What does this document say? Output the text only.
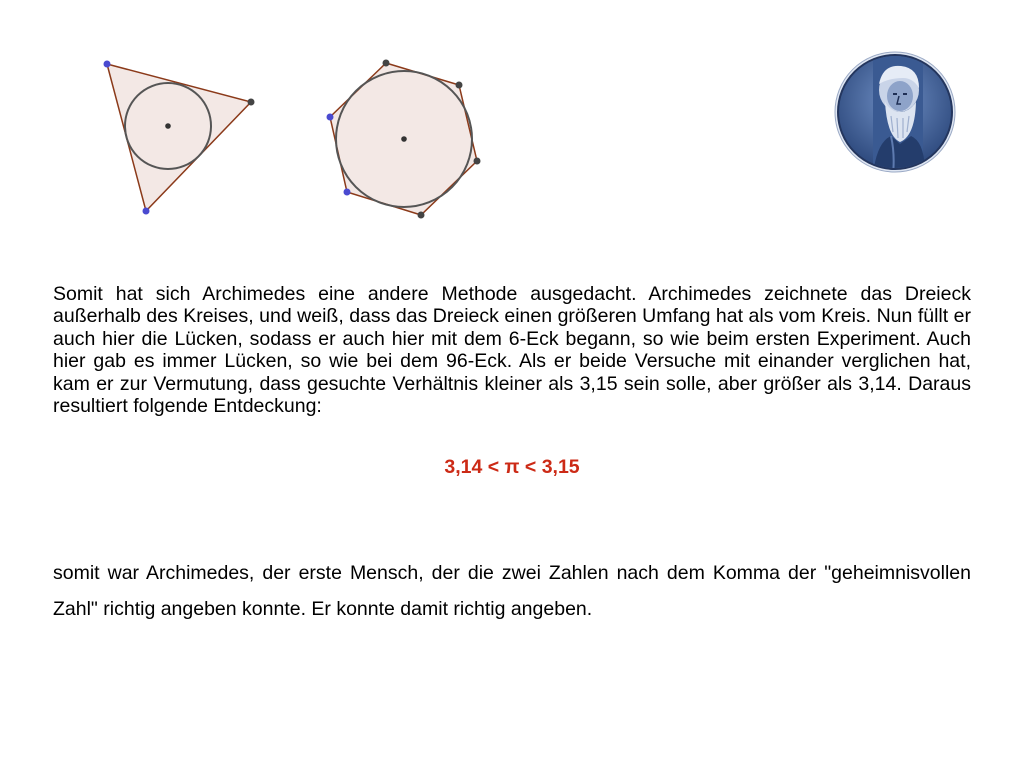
Somit hat sich Archimedes eine andere Methode ausgedacht. Archimedes zeichnete das Dreieck außerhalb des Kreises, und weiß, dass das Dreieck einen größeren Umfang hat als vom Kreis. Nun füllt er auch hier die Lücken, sodass er auch hier mit dem 6-Eck begann, so wie beim ersten Experiment. Auch hier gab es immer Lücken, so wie bei dem 96-Eck. Als er beide Versuche mit einander verglichen hat, kam er zur Vermutung, dass gesuchte Verhältnis kleiner als 3,15 sein solle, aber größer als 3,14. Daraus resultiert folgende Entdeckung:

3,14 < π < 3,15

somit war Archimedes, der erste Mensch, der die zwei Zahlen nach dem Komma der "geheimnisvollen Zahl" richtig angeben konnte. Er konnte damit richtig angeben.
